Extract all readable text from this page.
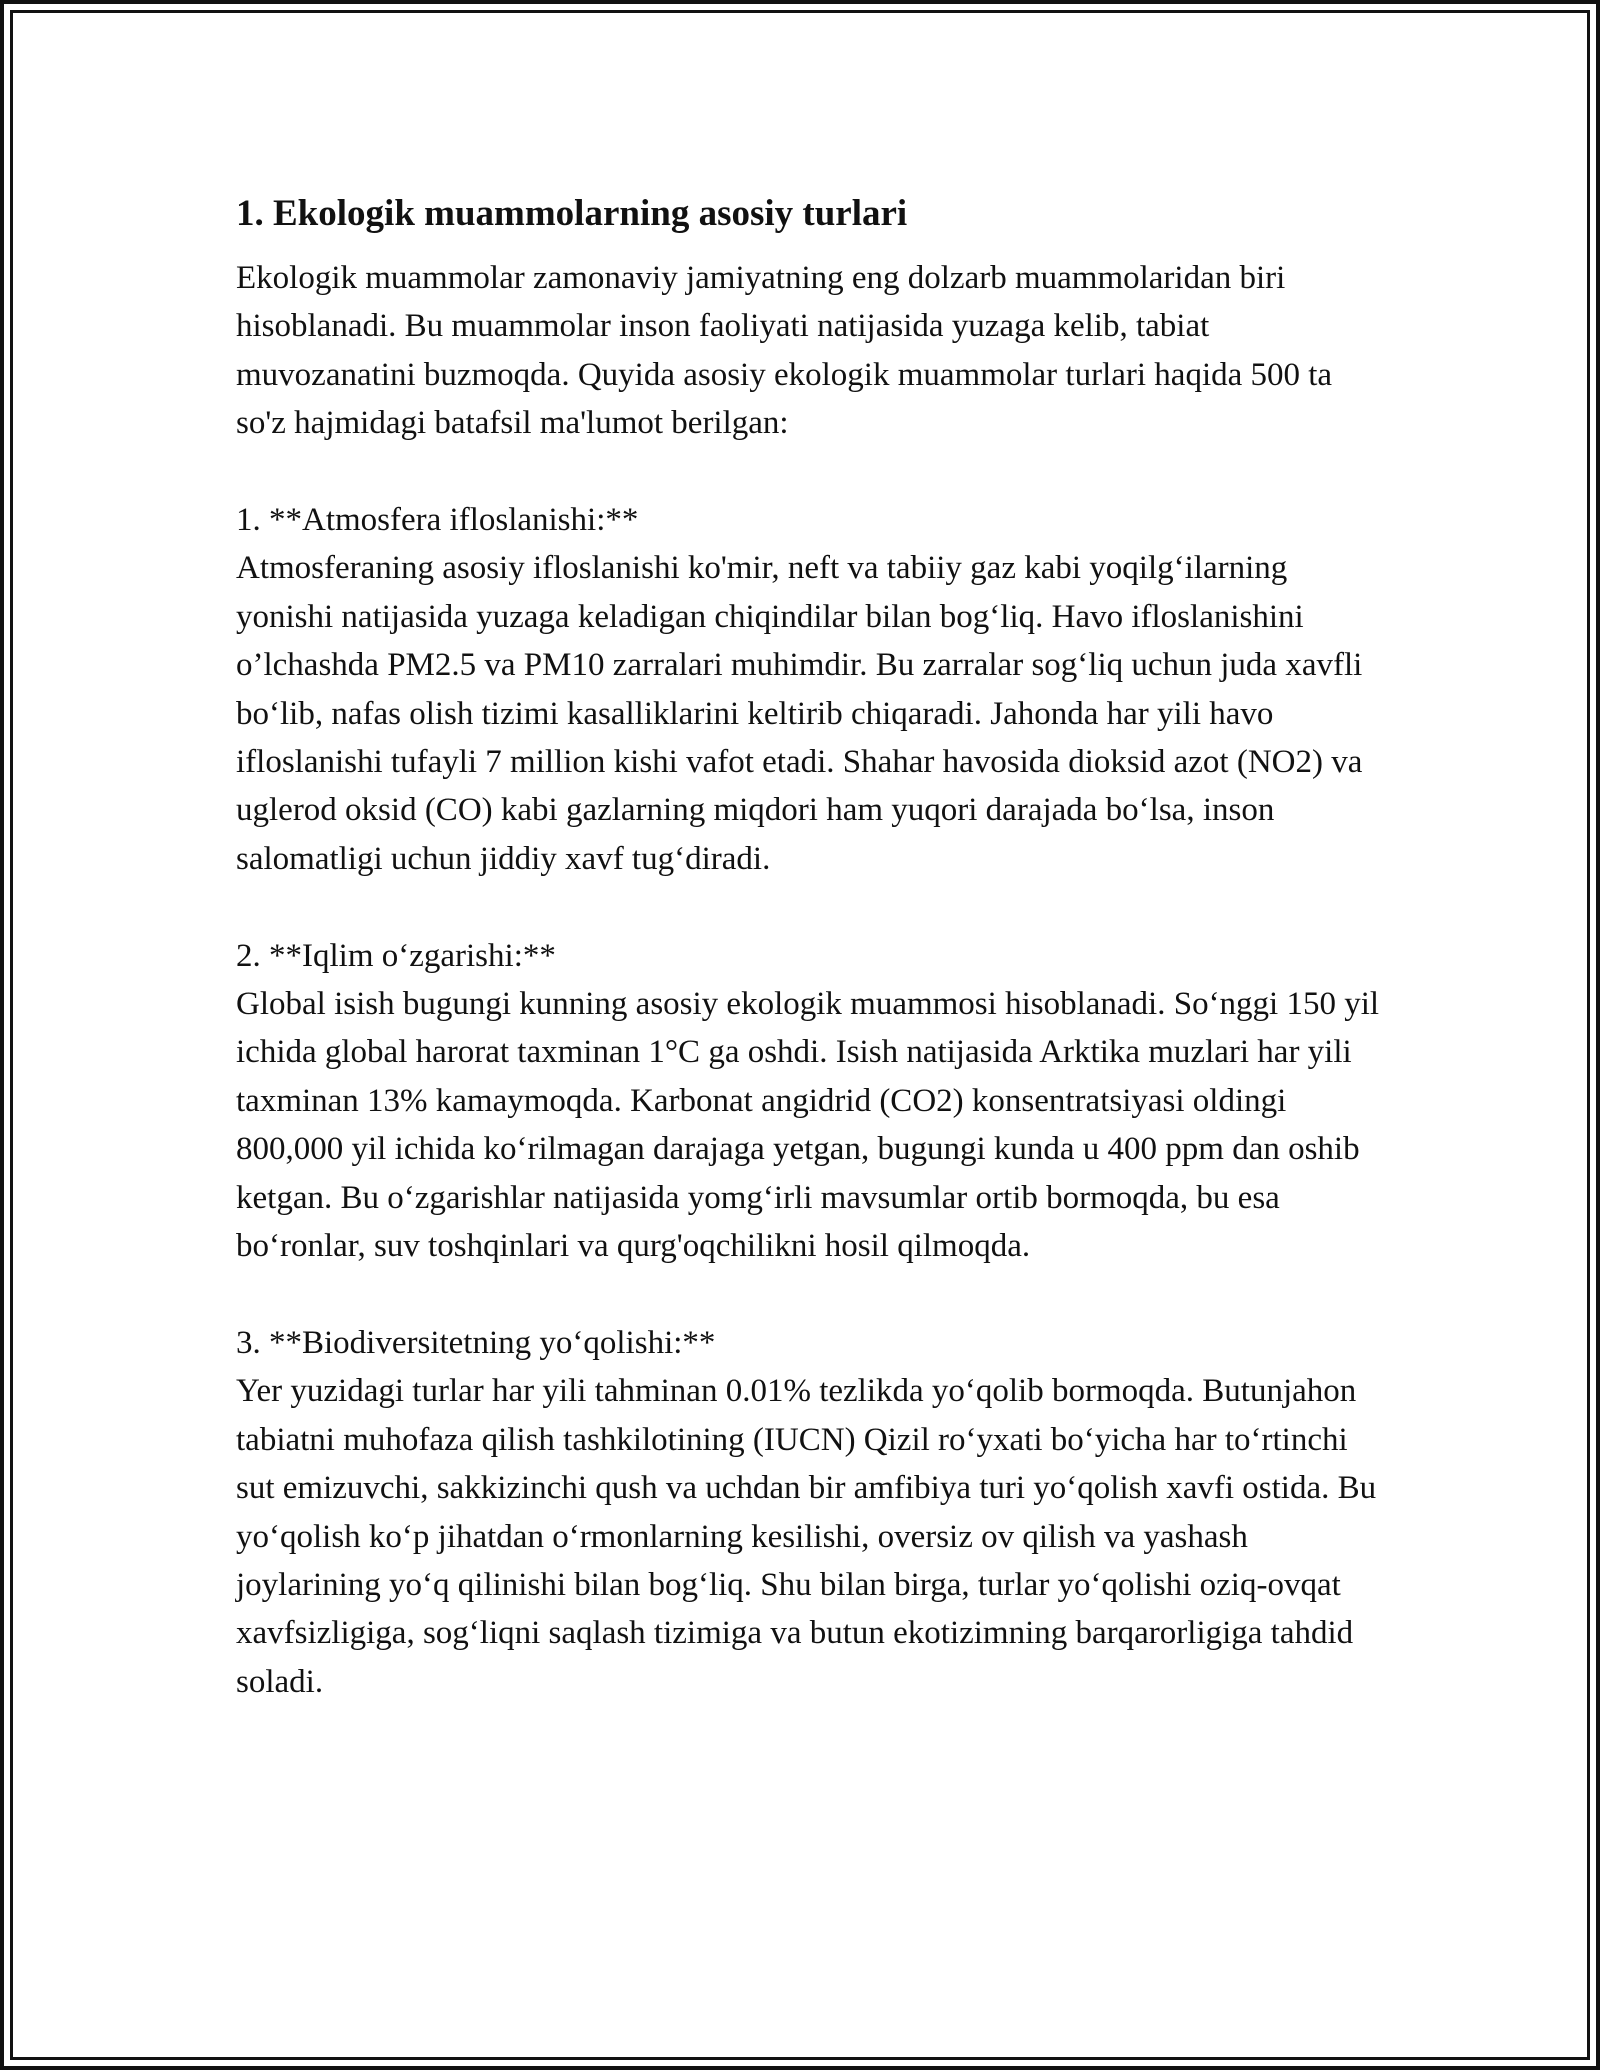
1. Ekologik muammolarning asosiy turlari

Ekologik muammolar zamonaviy jamiyatning eng dolzarb muammolaridan biri hisoblanadi. Bu muammolar inson faoliyati natijasida yuzaga kelib, tabiat muvozanatini buzmoqda. Quyida asosiy ekologik muammolar turlari haqida 500 ta so'z hajmidagi batafsil ma'lumot berilgan:

1. **Atmosfera ifloslanishi:**
Atmosferaning asosiy ifloslanishi ko'mir, neft va tabiiy gaz kabi yoqilg‘ilarning yonishi natijasida yuzaga keladigan chiqindilar bilan bog‘liq. Havo ifloslanishini o’lchashda PM2.5 va PM10 zarralari muhimdir. Bu zarralar sog‘liq uchun juda xavfli bo‘lib, nafas olish tizimi kasalliklarini keltirib chiqaradi. Jahonda har yili havo ifloslanishi tufayli 7 million kishi vafot etadi. Shahar havosida dioksid azot (NO2) va uglerod oksid (CO) kabi gazlarning miqdori ham yuqori darajada bo‘lsa, inson salomatligi uchun jiddiy xavf tug‘diradi.
2. **Iqlim o‘zgarishi:**
Global isish bugungi kunning asosiy ekologik muammosi hisoblanadi. So‘nggi 150 yil ichida global harorat taxminan 1°C ga oshdi. Isish natijasida Arktika muzlari har yili taxminan 13% kamaymoqda. Karbonat angidrid (CO2) konsentratsiyasi oldingi 800,000 yil ichida ko‘rilmagan darajaga yetgan, bugungi kunda u 400 ppm dan oshib ketgan. Bu o‘zgarishlar natijasida yomg‘irli mavsumlar ortib bormoqda, bu esa bo‘ronlar, suv toshqinlari va qurg'oqchilikni hosil qilmoqda.
3. **Biodiversitetning yo‘qolishi:**
Yer yuzidagi turlar har yili tahminan 0.01% tezlikda yo‘qolib bormoqda. Butunjahon tabiatni muhofaza qilish tashkilotining (IUCN) Qizil ro‘yxati bo‘yicha har to‘rtinchi sut emizuvchi, sakkizinchi qush va uchdan bir amfibiya turi yo‘qolish xavfi ostida. Bu yo‘qolish ko‘p jihatdan o‘rmonlarning kesilishi, oversiz ov qilish va yashash joylarining yo‘q qilinishi bilan bog‘liq. Shu bilan birga, turlar yo‘qolishi oziq-ovqat xavfsizligiga, sog‘liqni saqlash tizimiga va butun ekotizimning barqarorligiga tahdid soladi.
